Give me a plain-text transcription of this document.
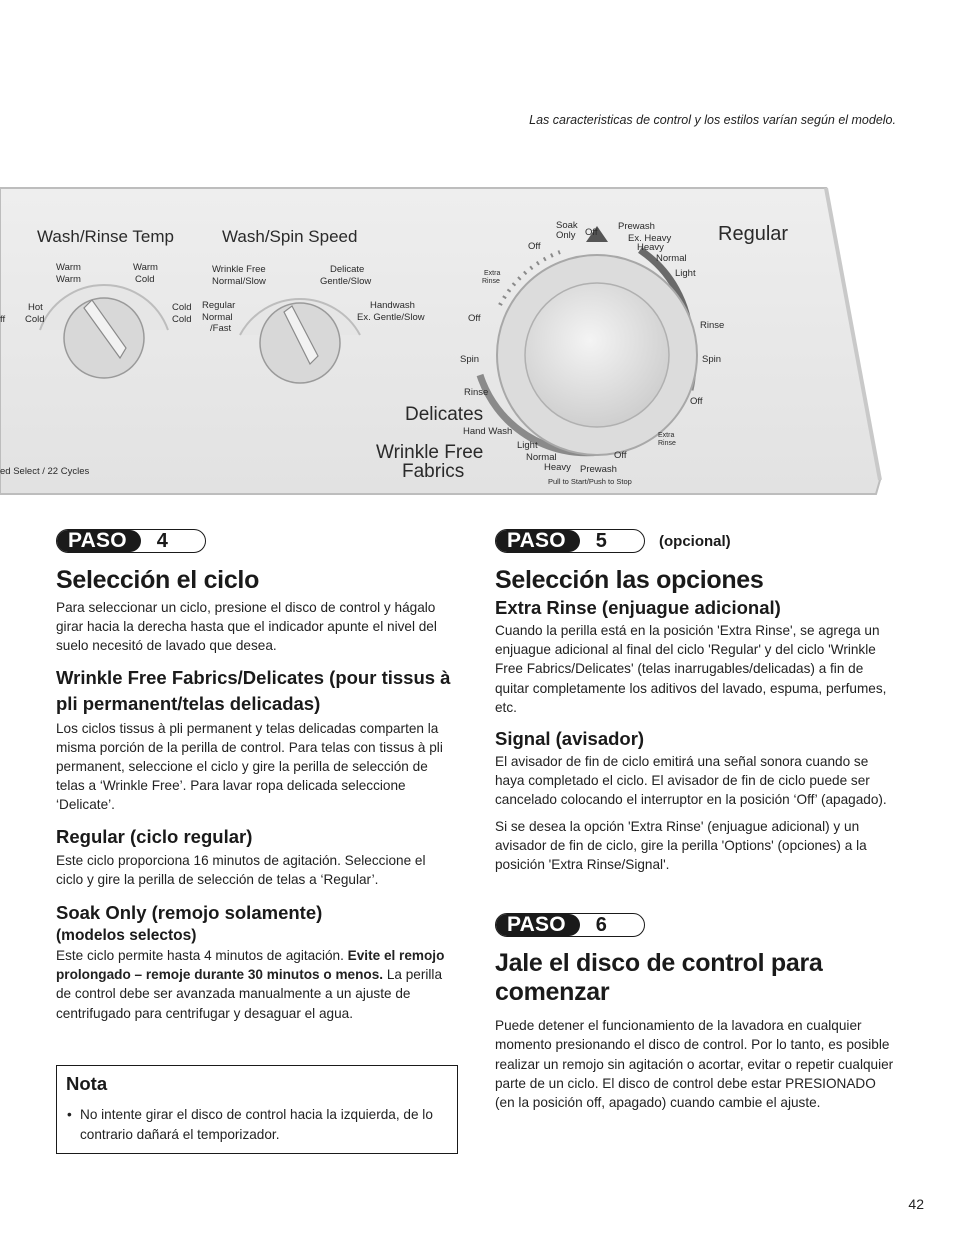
Las caracteristicas de control y los estilos varían según el modelo.
Wash/Rinse Temp	Wash/Spin Speed	Regular
Delicates
Wrinkle Free
Fabrics
ed Select / 22 Cycles
Warm
Warm
Warm
Cold
Hot
Cold
Cold
Cold
ff
Wrinkle Free
Normal/Slow
Delicate
Gentle/Slow
Regular
Normal
/Fast
Handwash
Ex. Gentle/Slow
Soak
Only Off
Off
Extra
Rinse
Off
Spin
Rinse
Hand Wash
Light
Normal
Heavy Prewash
Off
Extra
Rinse
Off
Spin
Rinse
Light
Normal
Heavy
Ex. Heavy
Prewash
Pull to Start/Push to Stop
PASO	4
Selección el ciclo

Para seleccionar un ciclo, presione el disco de control y hágalo girar hacia la derecha hasta que el indicador apunte el nivel del suelo necesitó de lavado que desea.

Wrinkle Free Fabrics/Delicates (pour tissus à pli permanent/telas delicadas)

Los ciclos tissus à pli permanent y telas delicadas comparten la misma porción de la perilla de control. Para telas con tissus à pli permanent, seleccione el ciclo y gire la perilla de selección de telas a ‘Wrinkle Free’. Para lavar ropa delicada seleccione ‘Delicate’.

Regular (ciclo regular)

Este ciclo proporciona 16 minutos de agitación. Seleccione el ciclo y gire la perilla de selección de telas a ‘Regular’.

Soak Only (remojo solamente)
(modelos selectos)

Este ciclo permite hasta 4 minutos de agitación. Evite el remojo prolongado – remoje durante 30 minutos o menos. La perilla de control debe ser avanzada manualmente a un ajuste de centrifugado para centrifugar y desaguar el agua.

Nota
• No intente girar el disco de control hacia la izquierda, de lo contrario dañará el temporizador.
PASO	5	(opcional)
Selección las opciones
Extra Rinse (enjuague adicional)

Cuando la perilla está en la posición 'Extra Rinse', se agrega un enjuague adicional al final del ciclo 'Regular' y del ciclo 'Wrinkle Free Fabrics/Delicates' (telas inarrugables/delicadas) a fin de quitar completamente los aditivos del lavado, espuma, perfumes, etc.

Signal (avisador)

El avisador de fin de ciclo emitirá una señal sonora cuando se haya completado el ciclo. El avisador de fin de ciclo puede ser cancelado colocando el interruptor en la posición ‘Off’ (apagado).

Si se desea la opción 'Extra Rinse' (enjuague adicional) y un avisador de fin de ciclo, gire la perilla 'Options' (opciones) a la posición 'Extra Rinse/Signal'.

PASO	6
Jale el disco de control para comenzar

Puede detener el funcionamiento de la lavadora en cualquier momento presionando el disco de control. Por lo tanto, es posible realizar un remojo sin agitación o acortar, evitar o repetir cualquier parte de un ciclo. El disco de control debe estar PRESIONADO (en la posición off, apagado) cuando cambie el ajuste.

42
